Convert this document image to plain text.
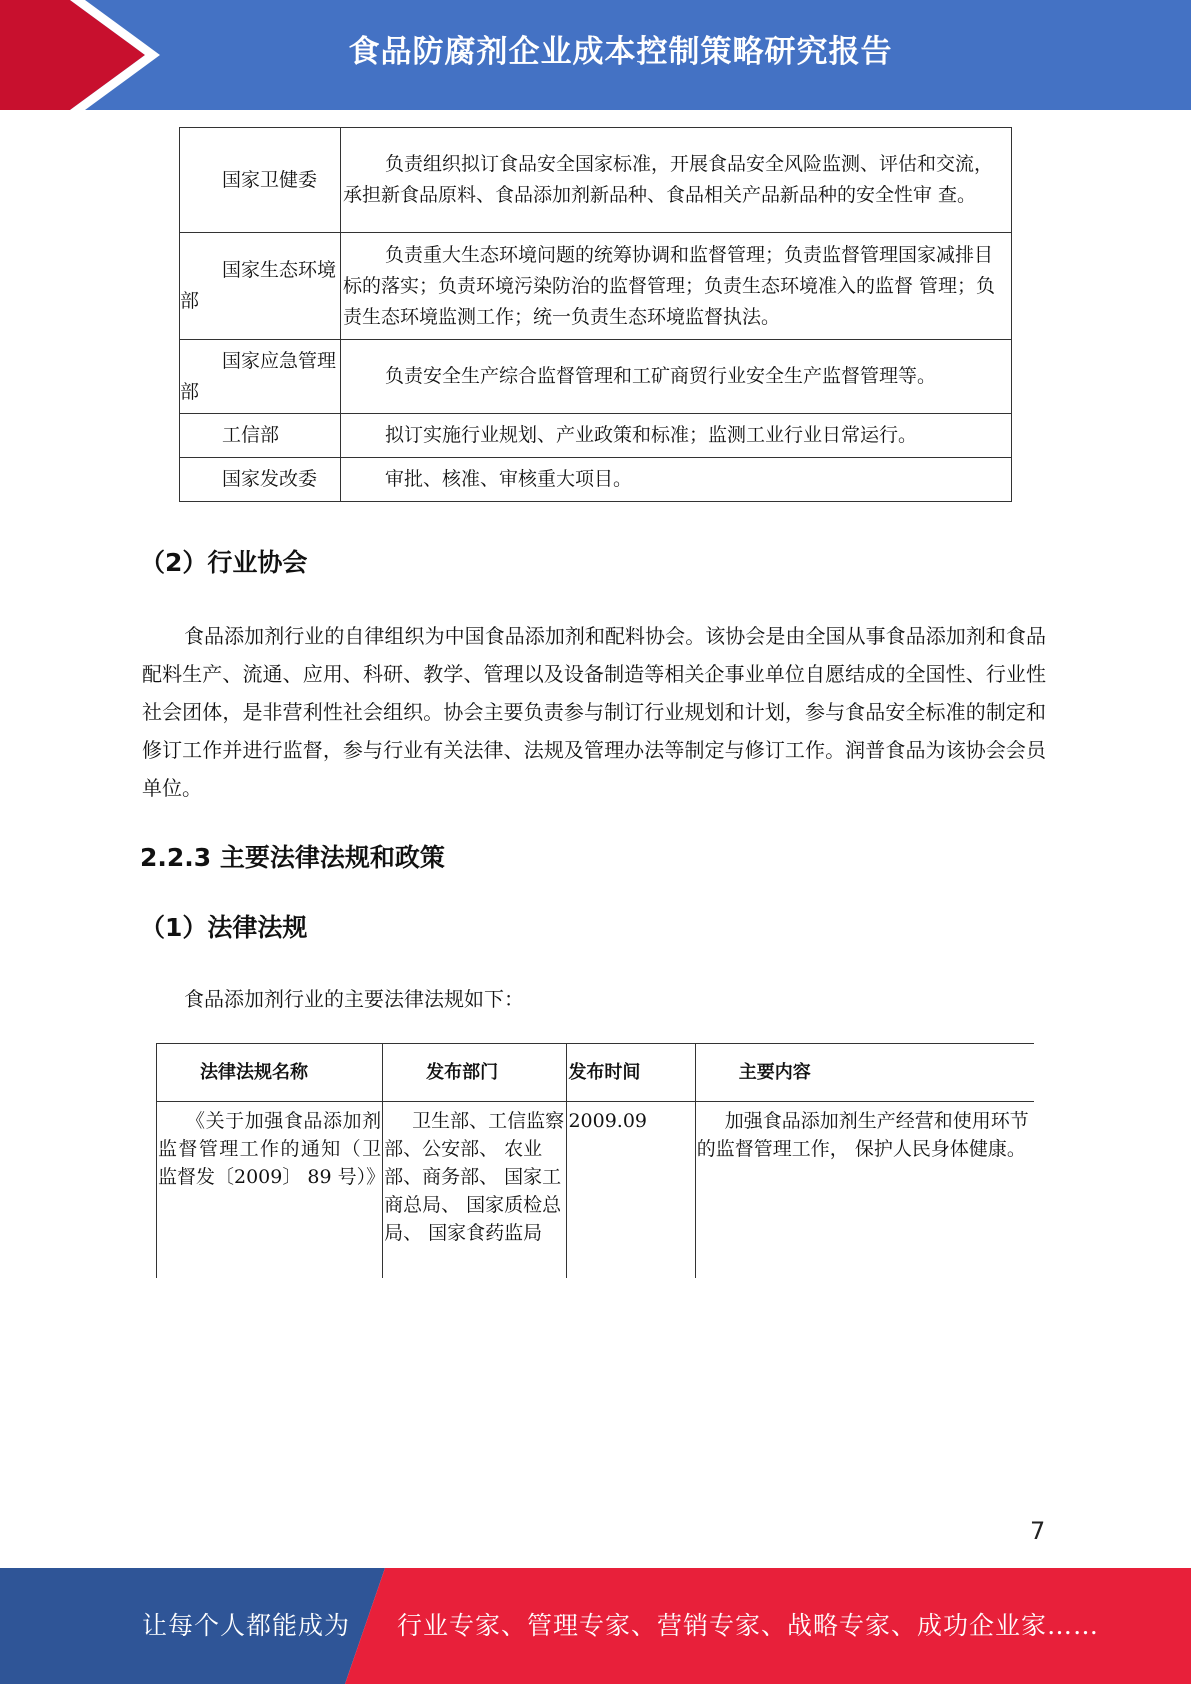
食品防腐剂企业成本控制策略研究报告
国家卫健委	负责组织拟订食品安全国家标准，开展食品安全风险监测、评估和交流，承担新食品原料、食品添加剂新品种、食品相关产品新品种的安全性审 查。
国家生态环境部	负责重大生态环境问题的统筹协调和监督管理；负责监督管理国家减排目标的落实；负责环境污染防治的监督管理；负责生态环境准入的监督 管理；负责生态环境监测工作；统一负责生态环境监督执法。
国家应急管理部	负责安全生产综合监督管理和工矿商贸行业安全生产监督管理等。
工信部	拟订实施行业规划、产业政策和标准；监测工业行业日常运行。
国家发改委	审批、核准、审核重大项目。
（2）行业协会

食品添加剂行业的自律组织为中国食品添加剂和配料协会。该协会是由全国从事食品添加剂和食品配料生产、流通、应用、科研、教学、管理以及设备制造等相关企事业单位自愿结成的全国性、行业性社会团体，是非营利性社会组织。协会主要负责参与制订行业规划和计划，参与食品安全标准的制定和修订工作并进行监督，参与行业有关法律、法规及管理办法等制定与修订工作。润普食品为该协会会员单位。

2.2.3 主要法律法规和政策
（1）法律法规

食品添加剂行业的主要法律法规如下：

法律法规名称	发布部门	发布时间	主要内容
《关于加强食品添加剂监督管理工作的通知（卫监督发〔2009〕 89 号）》	卫生部、工信监察部、公安部、 农业部、商务部、 国家工商总局、 国家质检总局、 国家食药监局	2009.09	加强食品添加剂生产经营和使用环节的监督管理工作， 保护人民身体健康。
7
让每个人都能成为 行业专家、管理专家、营销专家、战略专家、成功企业家……
